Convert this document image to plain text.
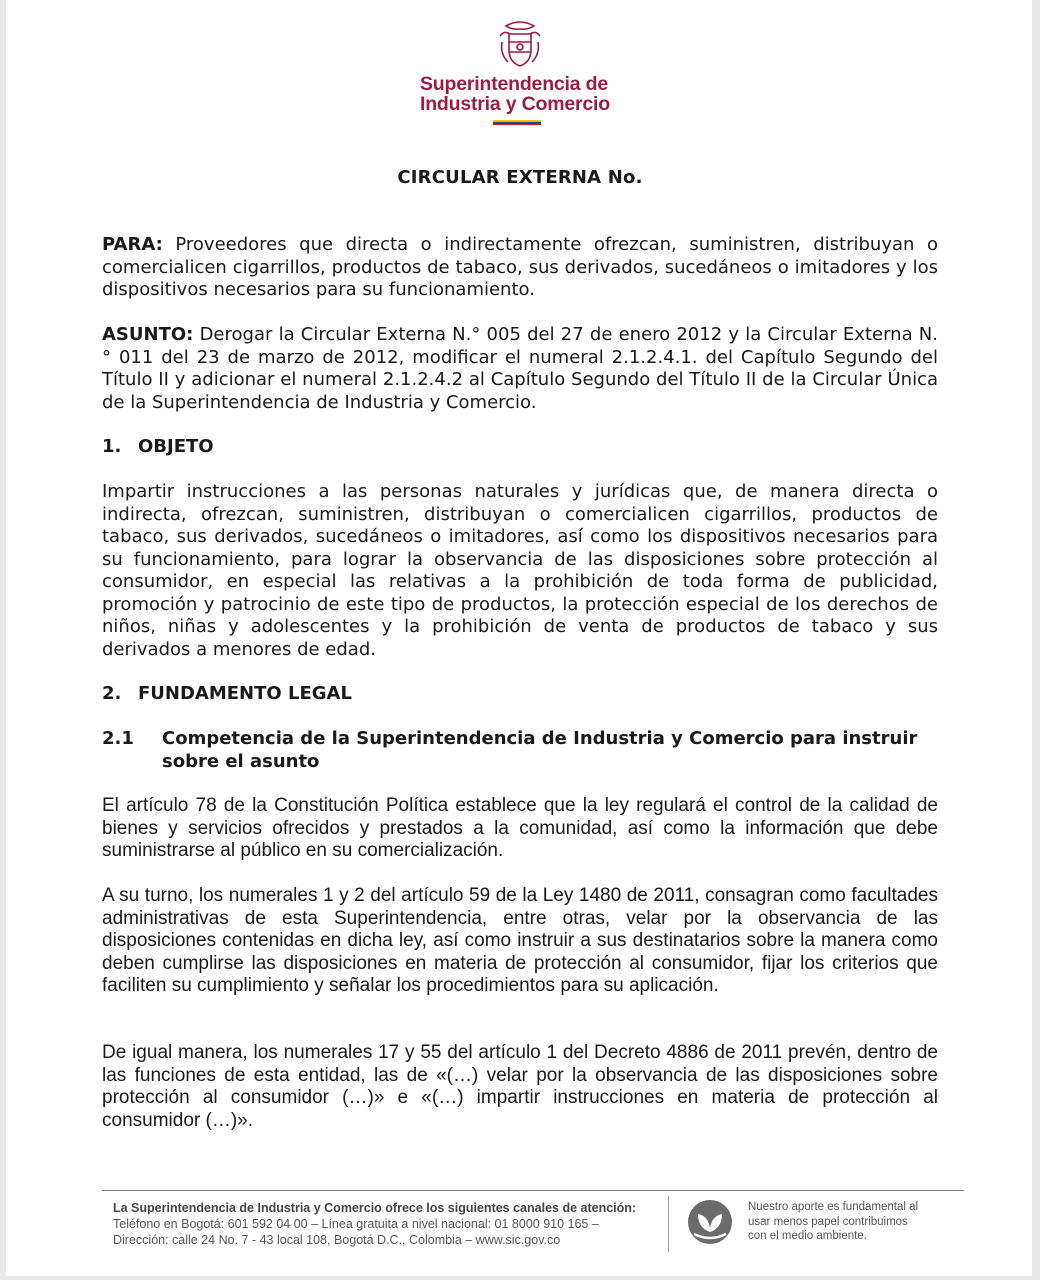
Superintendencia de
Industria y Comercio
CIRCULAR EXTERNA No.
PARA: Proveedores que directa o indirectamente ofrezcan, suministren, distribuyan o comercialicen cigarrillos, productos de tabaco, sus derivados, sucedáneos o imitadores y los dispositivos necesarios para su funcionamiento.
ASUNTO: Derogar la Circular Externa N.° 005 del 27 de enero 2012 y la Circular Externa N.° 011 del 23 de marzo de 2012, modificar el numeral 2.1.2.4.1. del Capítulo Segundo del Título II y adicionar el numeral 2.1.2.4.2 al Capítulo Segundo del Título II de la Circular Única de la Superintendencia de Industria y Comercio.
1. OBJETO
Impartir instrucciones a las personas naturales y jurídicas que, de manera directa o indirecta, ofrezcan, suministren, distribuyan o comercialicen cigarrillos, productos de tabaco, sus derivados, sucedáneos o imitadores, así como los dispositivos necesarios para su funcionamiento, para lograr la observancia de las disposiciones sobre protección al consumidor, en especial las relativas a la prohibición de toda forma de publicidad, promoción y patrocinio de este tipo de productos, la protección especial de los derechos de niños, niñas y adolescentes y la prohibición de venta de productos de tabaco y sus derivados a menores de edad.
2. FUNDAMENTO LEGAL
2.1 Competencia de la Superintendencia de Industria y Comercio para instruir sobre el asunto
El artículo 78 de la Constitución Política establece que la ley regulará el control de la calidad de bienes y servicios ofrecidos y prestados a la comunidad, así como la información que debe suministrarse al público en su comercialización.
A su turno, los numerales 1 y 2 del artículo 59 de la Ley 1480 de 2011, consagran como facultades administrativas de esta Superintendencia, entre otras, velar por la observancia de las disposiciones contenidas en dicha ley, así como instruir a sus destinatarios sobre la manera como deben cumplirse las disposiciones en materia de protección al consumidor, fijar los criterios que faciliten su cumplimiento y señalar los procedimientos para su aplicación.
De igual manera, los numerales 17 y 55 del artículo 1 del Decreto 4886 de 2011 prevén, dentro de las funciones de esta entidad, las de «(…) velar por la observancia de las disposiciones sobre protección al consumidor (…)» e «(…) impartir instrucciones en materia de protección al consumidor (…)».
La Superintendencia de Industria y Comercio ofrece los siguientes canales de atención:
Teléfono en Bogotá: 601 592 04 00 – Línea gratuita a nivel nacional: 01 8000 910 165 –
Dirección: calle 24 No. 7 - 43 local 108, Bogotá D.C., Colombia – www.sic.gov.co
Nuestro aporte es fundamental al
usar menos papel contribuimos
con el medio ambiente.
